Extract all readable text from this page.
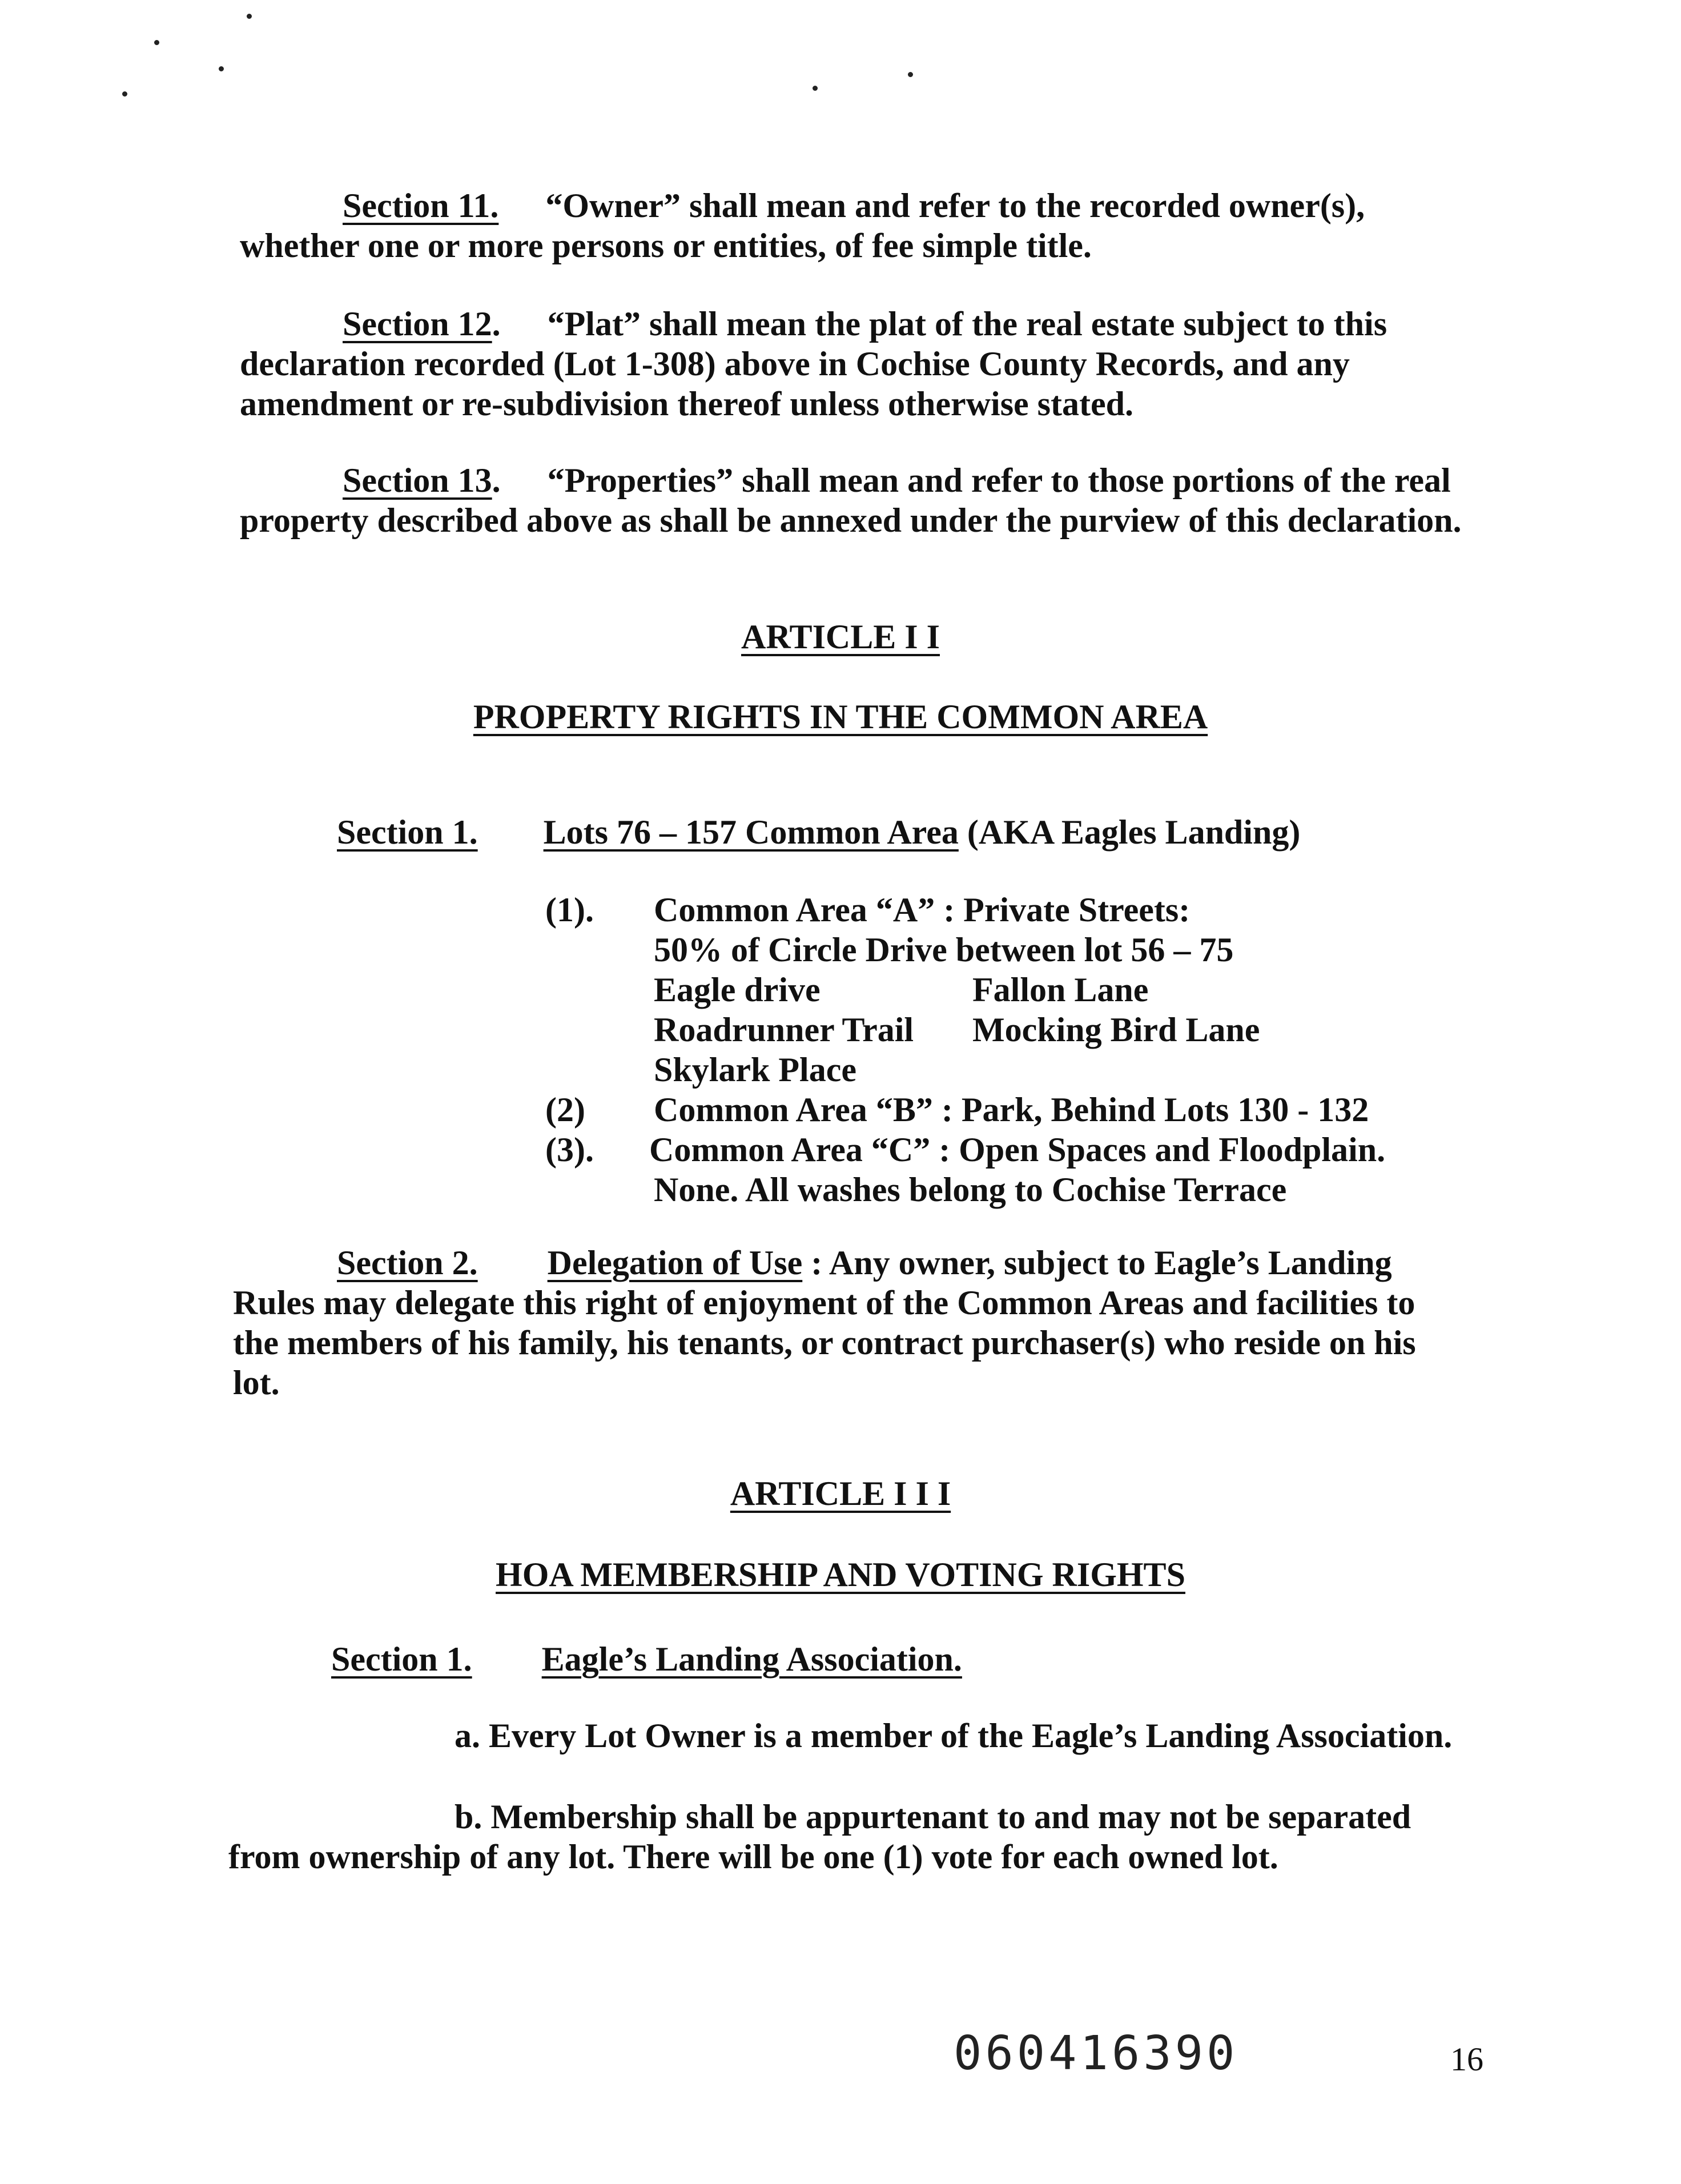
Section 11. “Owner” shall mean and refer to the recorded owner(s),
whether one or more persons or entities, of fee simple title.
Section 12. “Plat” shall mean the plat of the real estate subject to this
declaration recorded (Lot 1-308) above in Cochise County Records, and any
amendment or re-subdivision thereof unless otherwise stated.
Section 13. “Properties” shall mean and refer to those portions of the real
property described above as shall be annexed under the purview of this declaration.
ARTICLE I I
PROPERTY RIGHTS IN THE COMMON AREA
Section 1. Lots 76 – 157 Common Area (AKA Eagles Landing)
(1). Common Area “A” : Private Streets:
50% of Circle Drive between lot 56 – 75
Eagle drive	Fallon Lane
Roadrunner Trail Mocking Bird Lane
Skylark Place
(2) Common Area “B” : Park, Behind Lots 130 - 132
(3). Common Area “C” : Open Spaces and Floodplain.
None. All washes belong to Cochise Terrace
Section 2. Delegation of Use : Any owner, subject to Eagle’s Landing
Rules may delegate this right of enjoyment of the Common Areas and facilities to
the members of his family, his tenants, or contract purchaser(s) who reside on his
lot.
ARTICLE I I I
HOA MEMBERSHIP AND VOTING RIGHTS
Section 1. Eagle’s Landing Association.
a. Every Lot Owner is a member of the Eagle’s Landing Association.
b. Membership shall be appurtenant to and may not be separated
from ownership of any lot. There will be one (1) vote for each owned lot.
060416390	16
